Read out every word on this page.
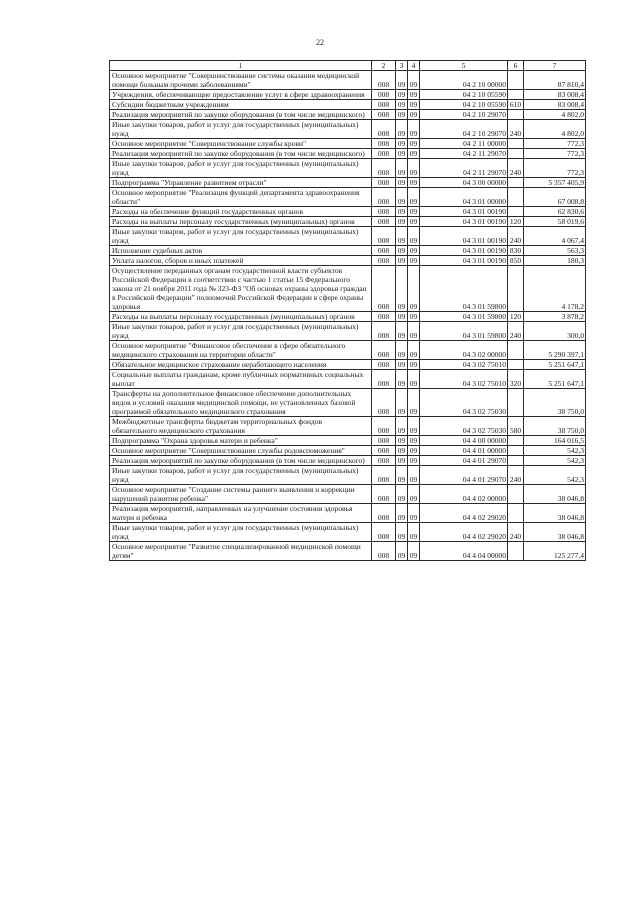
22
1	2	3	4	5	6	7
Основное мероприятие "Совершенствование системы оказания медицинской помощи больным прочими заболеваниями"	008	09	09	04 2 10 00000		87 810,4
Учреждения, обеспечивающие предоставление услуг в сфере здравоохранения	008	09	09	04 2 10 05590		83 008,4
Субсидии бюджетным учреждениям	008	09	09	04 2 10 05590	610	83 008,4
Реализация мероприятий по закупке оборудования (в том числе медицинского)	008	09	09	04 2 10 29070		4 802,0
Иные закупки товаров, работ и услуг для государственных (муниципальных) нужд	008	09	09	04 2 10 29070	240	4 802,0
Основное мероприятие "Совершенствование службы крови"	008	09	09	04 2 11 00000		772,3
Реализация мероприятий по закупке оборудования (в том числе медицинского)	008	09	09	04 2 11 29070		772,3
Иные закупки товаров, работ и услуг для государственных (муниципальных) нужд	008	09	09	04 2 11 29070	240	772,3
Подпрограмма "Управление развитием отрасли"	008	09	09	04 3 00 00000		5 357 405,9
Основное мероприятие "Реализация функций департамента здравоохранения области"	008	09	09	04 3 01 00000		67 008,8
Расходы на обеспечение функций государственных органов	008	09	09	04 3 01 00190		62 830,6
Расходы на выплаты персоналу государственных (муниципальных) органов	008	09	09	04 3 01 00190	120	58 019,6
Иные закупки товаров, работ и услуг для государственных (муниципальных) нужд	008	09	09	04 3 01 00190	240	4 067,4
Исполнение судебных актов	008	09	09	04 3 01 00190	830	563,3
Уплата налогов, сборов и иных платежей	008	09	09	04 3 01 00190	850	180,3
Осуществление переданных органам государственной власти субъектов Российской Федерации в соответствии с частью 1 статьи 15 Федерального закона от 21 ноября 2011 года № 323-ФЗ "Об основах охраны здоровья граждан в Российской Федерации" полномочий Российской Федерации в сфере охраны здоровья	008	09	09	04 3 01 59800		4 178,2
Расходы на выплаты персоналу государственных (муниципальных) органов	008	09	09	04 3 01 59800	120	3 878,2
Иные закупки товаров, работ и услуг для государственных (муниципальных) нужд	008	09	09	04 3 01 59800	240	300,0
Основное мероприятие "Финансовое обеспечение в сфере обязательного медицинского страхования на территории области"	008	09	09	04 3 02 00000		5 290 397,1
Обязательное медицинское страхование неработающего населения	008	09	09	04 3 02 75010		5 251 647,1
Социальные выплаты гражданам, кроме публичных нормативных социальных выплат	008	09	09	04 3 02 75010	320	5 251 647,1
Трансферты на дополнительное финансовое обеспечение дополнительных видов и условий оказания медицинской помощи, не установленных базовой программой обязательного медицинского страхования	008	09	09	04 3 02 75030		38 750,0
Межбюджетные трансферты бюджетам территориальных фондов обязательного медицинского страхования	008	09	09	04 3 02 75030	580	38 750,0
Подпрограмма "Охрана здоровья матери и ребенка"	008	09	09	04 4 00 00000		164 016,5
Основное мероприятие "Совершенствование службы родовспоможения"	008	09	09	04 4 01 00000		542,3
Реализация мероприятий по закупке оборудования (в том числе медицинского)	008	09	09	04 4 01 29070		542,3
Иные закупки товаров, работ и услуг для государственных (муниципальных) нужд	008	09	09	04 4 01 29070	240	542,3
Основное мероприятие "Создание системы раннего выявления и коррекции нарушений развития ребенка"	008	09	09	04 4 02 00000		38 046,8
Реализация мероприятий, направленных на улучшение состояния здоровья матери и ребенка	008	09	09	04 4 02 29020		38 046,8
Иные закупки товаров, работ и услуг для государственных (муниципальных) нужд	008	09	09	04 4 02 29020	240	38 046,8
Основное мероприятие "Развитие специализированной медицинской помощи детям"	008	09	09	04 4 04 00000		125 277,4
